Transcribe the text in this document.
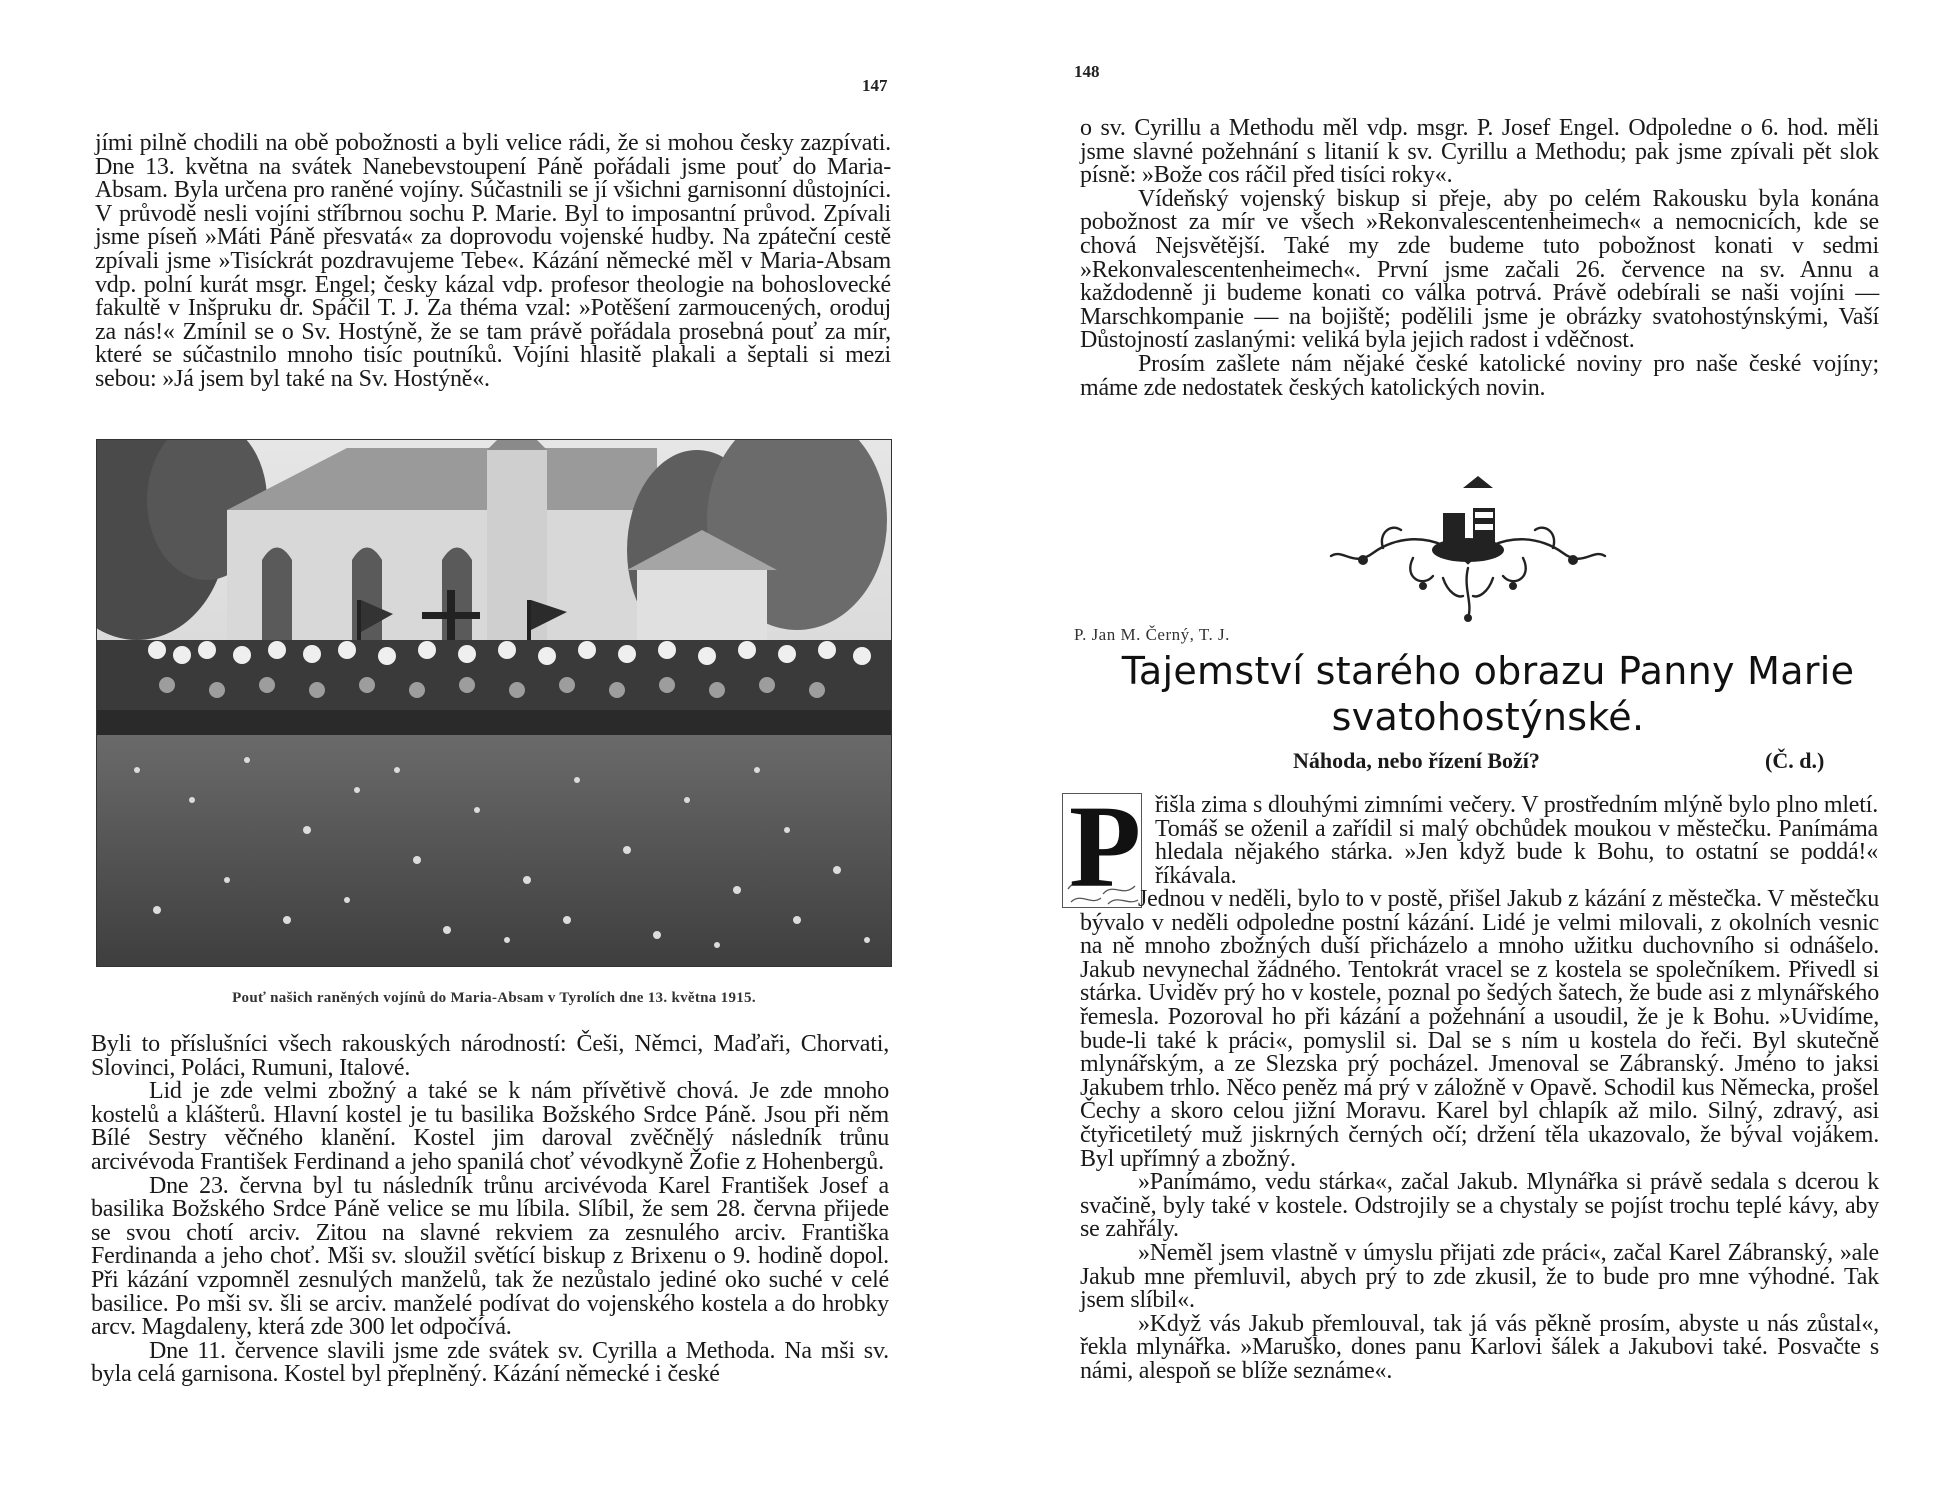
147

jími pilně chodili na obě pobožnosti a byli velice rádi, že si mohou česky zazpívati. Dne 13. května na svátek Nanebevstoupení Páně pořádali jsme pouť do Maria-Absam. Byla určena pro raněné vojíny. Súčastnili se jí všichni garnisonní důstojníci. V průvodě nesli vojíni stříbrnou sochu P. Marie. Byl to imposantní průvod. Zpívali jsme píseň »Máti Páně přesvatá« za doprovodu vojenské hudby. Na zpáteční cestě zpívali jsme »Tisíckrát pozdravujeme Tebe«. Kázání německé měl v Maria-Absam vdp. polní kurát msgr. Engel; česky kázal vdp. profesor theologie na bohoslovecké fakultě v Inšpruku dr. Spáčil T. J. Za théma vzal: »Potěšení zarmoucených, oroduj za nás!« Zmínil se o Sv. Hostýně, že se tam právě pořádala prosebná pouť za mír, které se súčastnilo mnoho tisíc poutníků. Vojíni hlasitě plakali a šeptali si mezi sebou: »Já jsem byl také na Sv. Hostýně«.

Pouť našich raněných vojínů do Maria-Absam v Tyrolích dne 13. května 1915.

Byli to příslušníci všech rakouských národností: Češi, Němci, Maďaři, Chorvati, Slovinci, Poláci, Rumuni, Italové.

Lid je zde velmi zbožný a také se k nám přívětivě chová. Je zde mnoho kostelů a klášterů. Hlavní kostel je tu basilika Božského Srdce Páně. Jsou při něm Bílé Sestry věčného klanění. Kostel jim daroval zvěčnělý následník trůnu arcivévoda František Ferdinand a jeho spanilá choť vévodkyně Žofie z Hohenbergů.

Dne 23. června byl tu následník trůnu arcivévoda Karel František Josef a basilika Božského Srdce Páně velice se mu líbila. Slíbil, že sem 28. června přijede se svou chotí arciv. Zitou na slavné rekviem za zesnulého arciv. Františka Ferdinanda a jeho choť. Mši sv. sloužil světící biskup z Brixenu o 9. hodině dopol. Při kázání vzpomněl zesnulých manželů, tak že nezůstalo jediné oko suché v celé basilice. Po mši sv. šli se arciv. manželé podívat do vojenského kostela a do hrobky arcv. Magdaleny, která zde 300 let odpočívá.

Dne 11. července slavili jsme zde svátek sv. Cyrilla a Methoda. Na mši sv. byla celá garnisona. Kostel byl přeplněný. Kázání německé i české

148

o sv. Cyrillu a Methodu měl vdp. msgr. P. Josef Engel. Odpoledne o 6. hod. měli jsme slavné požehnání s litanií k sv. Cyrillu a Methodu; pak jsme zpívali pět slok písně: »Bože cos ráčil před tisíci roky«.

Vídeňský vojenský biskup si přeje, aby po celém Rakousku byla konána pobožnost za mír ve všech »Rekonvalescentenheimech« a nemocnicích, kde se chová Nejsvětější. Také my zde budeme tuto pobožnost konati v sedmi »Rekonvalescentenheimech«. První jsme začali 26. července na sv. Annu a každodenně ji budeme konati co válka potrvá. Právě odebírali se naši vojíni — Marschkompanie — na bojiště; podělili jsme je obrázky svatohostýnskými, Vaší Důstojností zaslanými: veliká byla jejich radost i vděčnost.

Prosím zašlete nám nějaké české katolické noviny pro naše české vojíny; máme zde nedostatek českých katolických novin.

P. Jan M. Černý, T. J.
Tajemství starého obrazu Panny Marie svatohostýnské.
Náhoda, nebo řízení Boží?	(Č. d.)
P řišla zima s dlouhými zimními večery. V prostředním mlýně bylo plno mletí. Tomáš se oženil a zařídil si malý obchůdek moukou v městečku. Panímáma hledala nějakého stárka. »Jen když bude k Bohu, to ostatní se poddá!« říkávala.

Jednou v neděli, bylo to v postě, přišel Jakub z kázání z městečka. V městečku bývalo v neděli odpoledne postní kázání. Lidé je velmi milovali, z okolních vesnic na ně mnoho zbožných duší přicházelo a mnoho užitku duchovního si odnášelo. Jakub nevynechal žádného. Tentokrát vracel se z kostela se společníkem. Přivedl si stárka. Uviděv prý ho v kostele, poznal po šedých šatech, že bude asi z mlynářského řemesla. Pozoroval ho při kázání a požehnání a usoudil, že je k Bohu. »Uvidíme, bude-li také k práci«, pomyslil si. Dal se s ním u kostela do řeči. Byl skutečně mlynářským, a ze Slezska prý pocházel. Jmenoval se Zábranský. Jméno to jaksi Jakubem trhlo. Něco peněz má prý v záložně v Opavě. Schodil kus Německa, prošel Čechy a skoro celou jižní Moravu. Karel byl chlapík až milo. Silný, zdravý, asi čtyřicetiletý muž jiskrných černých očí; držení těla ukazovalo, že býval vojákem. Byl upřímný a zbožný.

»Panímámo, vedu stárka«, začal Jakub. Mlynářka si právě sedala s dcerou k svačině, byly také v kostele. Odstrojily se a chystaly se pojíst trochu teplé kávy, aby se zahřály.

»Neměl jsem vlastně v úmyslu přijati zde práci«, začal Karel Zábranský, »ale Jakub mne přemluvil, abych prý to zde zkusil, že to bude pro mne výhodné. Tak jsem slíbil«.

»Když vás Jakub přemlouval, tak já vás pěkně prosím, abyste u nás zůstal«, řekla mlynářka. »Maruško, dones panu Karlovi šálek a Jakubovi také. Posvačte s námi, alespoň se blíže seznáme«.
